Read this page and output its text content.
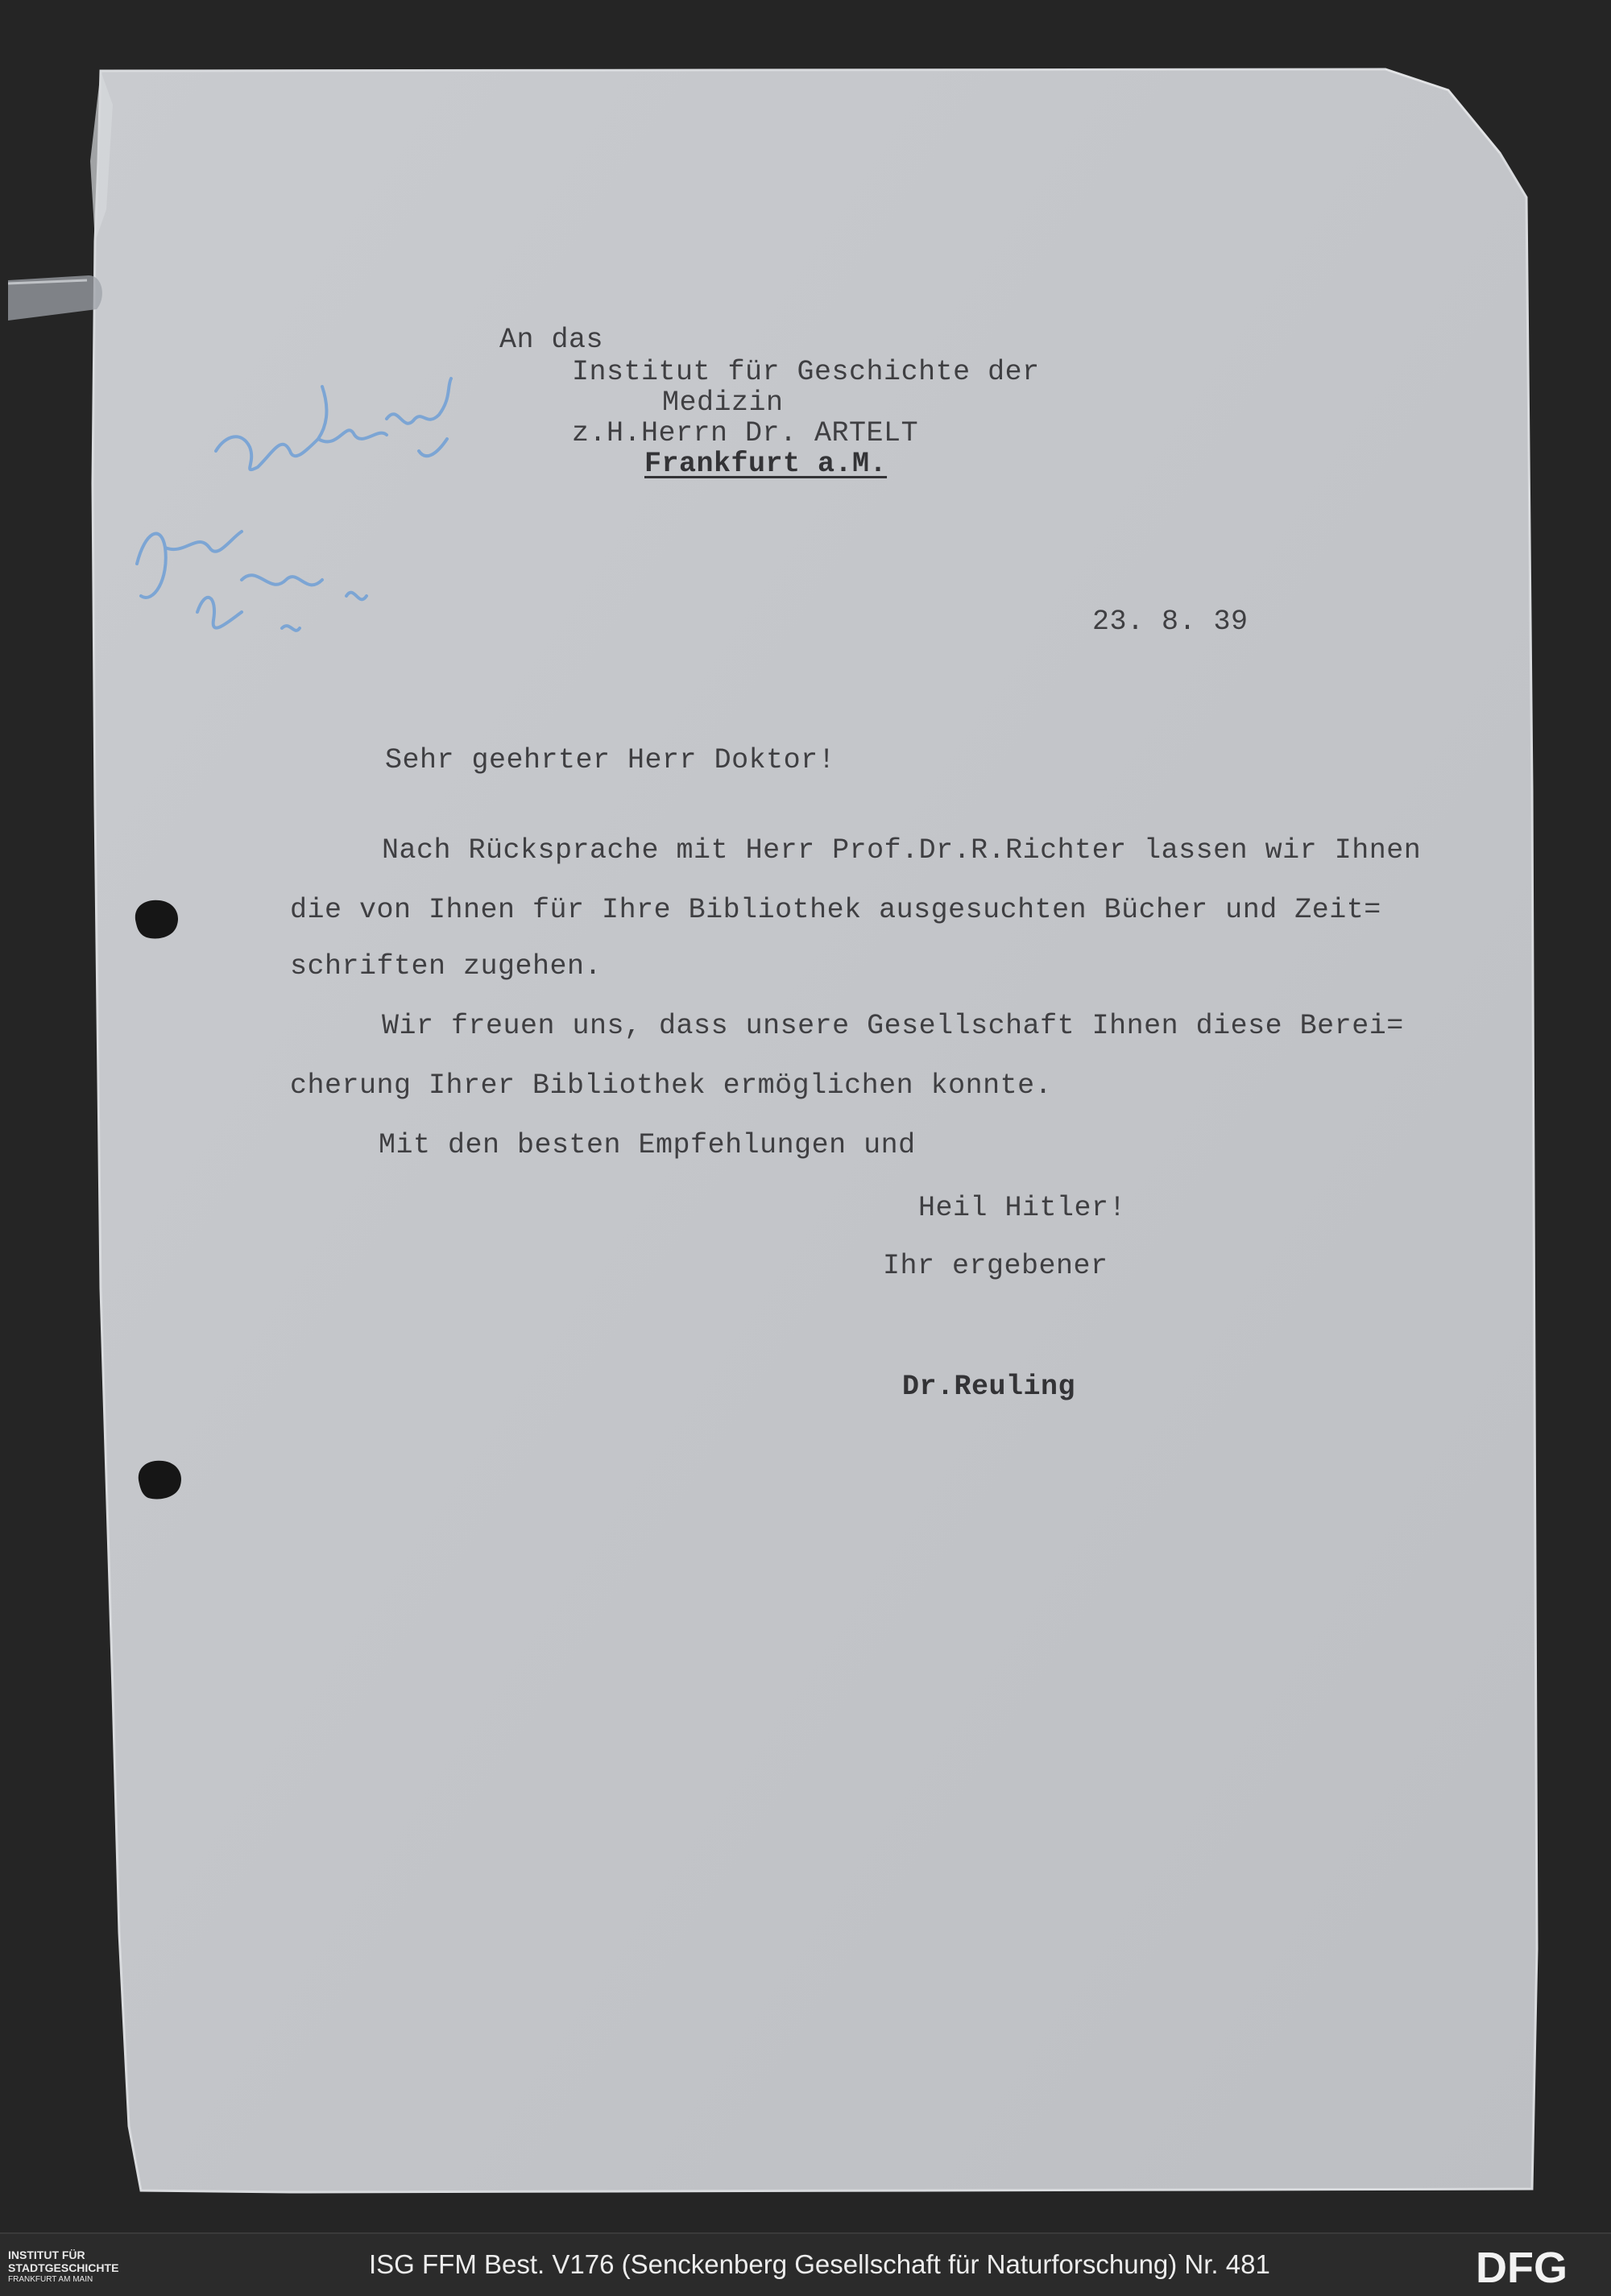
An das

Institut für Geschichte der

Medizin

z.H.Herrn Dr. ARTELT

Frankfurt a.M.

23. 8. 39

Sehr geehrter Herr Doktor!

Nach Rücksprache mit Herr Prof.Dr.R.Richter lassen wir Ihnen

die von Ihnen für Ihre Bibliothek ausgesuchten Bücher und Zeit=

schriften zugehen.

Wir freuen uns, dass unsere Gesellschaft Ihnen diese Berei=

cherung Ihrer Bibliothek ermöglichen konnte.

Mit den besten Empfehlungen und

Heil Hitler!

Ihr ergebener

Dr.Reuling

INSTITUT FÜR
STADTGESCHICHTE
FRANKFURT AM MAIN

ISG FFM Best. V176 (Senckenberg Gesellschaft für Naturforschung) Nr. 481	DFG
